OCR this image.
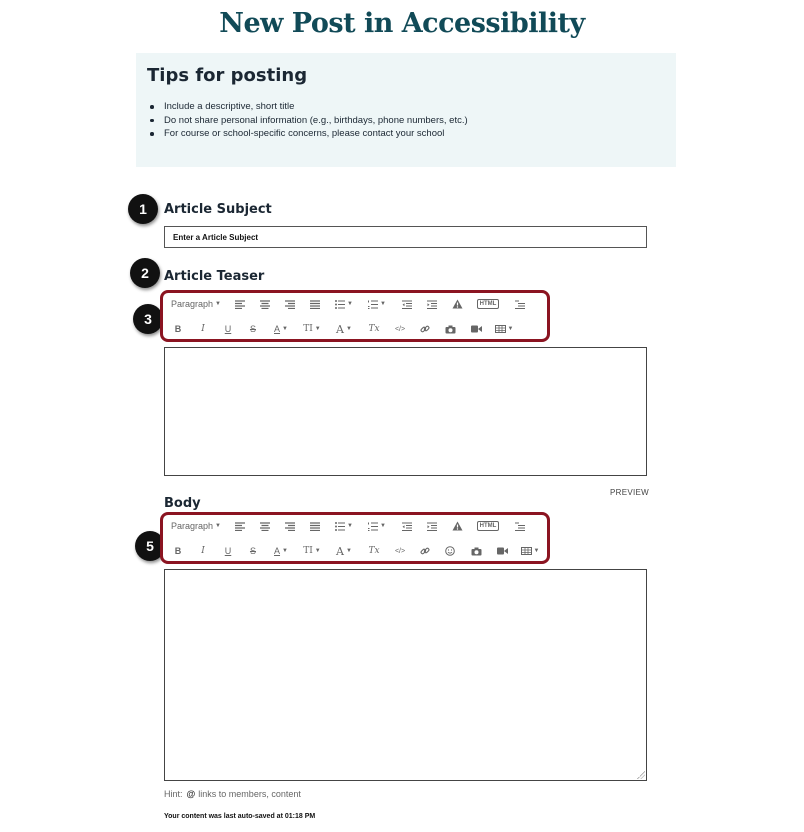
New Post in Accessibility
Tips for posting
Include a descriptive, short title
Do not share personal information (e.g., birthdays, phone numbers, etc.)
For course or school-specific concerns, please contact your school
1
2
3
5
Article Subject
Enter a Article Subject
Article Teaser
Paragraph ▼	▼	▼	HTML
B	I	U	S	A ▼ TI ▼ A ▼ Tx	</>	▼
PREVIEW
Body
Paragraph ▼	▼	▼	HTML
B	I	U	S	A ▼ TI ▼ A ▼ Tx	</>	▼
Hint: @ links to members, content
Your content was last auto-saved at 01:18 PM
